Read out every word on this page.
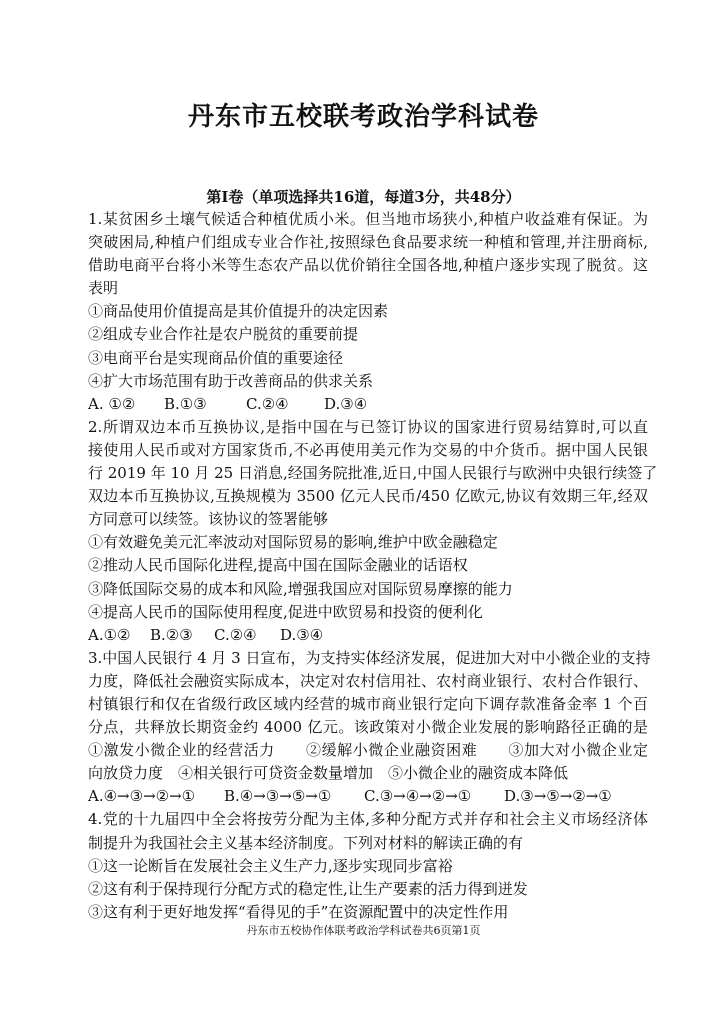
丹东市五校联考政治学科试卷
第Ⅰ卷（单项选择共16道，每道3分，共48分）
1.某贫困乡土壤气候适合种植优质小米。但当地市场狭小,种植户收益难有保证。为
突破困局,种植户们组成专业合作社,按照绿色食品要求统一种植和管理,并注册商标,
借助电商平台将小米等生态农产品以优价销往全国各地,种植户逐步实现了脱贫。这
表明
①商品使用价值提高是其价值提升的决定因素
②组成专业合作社是农户脱贫的重要前提
③电商平台是实现商品价值的重要途径
④扩大市场范围有助于改善商品的供求关系
A. ①②	B.①③	C.②④	D.③④
2.所谓双边本币互换协议,是指中国在与已签订协议的国家进行贸易结算时,可以直
接使用人民币或对方国家货币,不必再使用美元作为交易的中介货币。据中国人民银
行 2019 年 10 月 25 日消息,经国务院批准,近日,中国人民银行与欧洲中央银行续签了
双边本币互换协议,互换规模为 3500 亿元人民币/450 亿欧元,协议有效期三年,经双
方同意可以续签。该协议的签署能够
①有效避免美元汇率波动对国际贸易的影响,维护中欧金融稳定
②推动人民币国际化进程,提高中国在国际金融业的话语权
③降低国际交易的成本和风险,增强我国应对国际贸易摩擦的能力
④提高人民币的国际使用程度,促进中欧贸易和投资的便利化
A.①②	B.②③	C.②④	D.③④
3.中国人民银行 4 月 3 日宣布，为支持实体经济发展，促进加大对中小微企业的支持
力度，降低社会融资实际成本，决定对农村信用社、农村商业银行、农村合作银行、
村镇银行和仅在省级行政区域内经营的城市商业银行定向下调存款准备金率 1 个百
分点，共释放长期资金约 4000 亿元。该政策对小微企业发展的影响路径正确的是
①激发小微企业的经营活力　　②缓解小微企业融资困难　　③加大对小微企业定
向放贷力度　④相关银行可贷资金数量增加　⑤小微企业的融资成本降低
A.④→③→②→①	B.④→③→⑤→①	C.③→④→②→①	D.③→⑤→②→①
4.党的十九届四中全会将按劳分配为主体,多种分配方式并存和社会主义市场经济体
制提升为我国社会主义基本经济制度。下列对材料的解读正确的有
①这一论断旨在发展社会主义生产力,逐步实现同步富裕
②这有利于保持现行分配方式的稳定性,让生产要素的活力得到迸发
③这有利于更好地发挥“看得见的手”在资源配置中的决定性作用
丹东市五校协作体联考政治学科试卷共6页第1页
